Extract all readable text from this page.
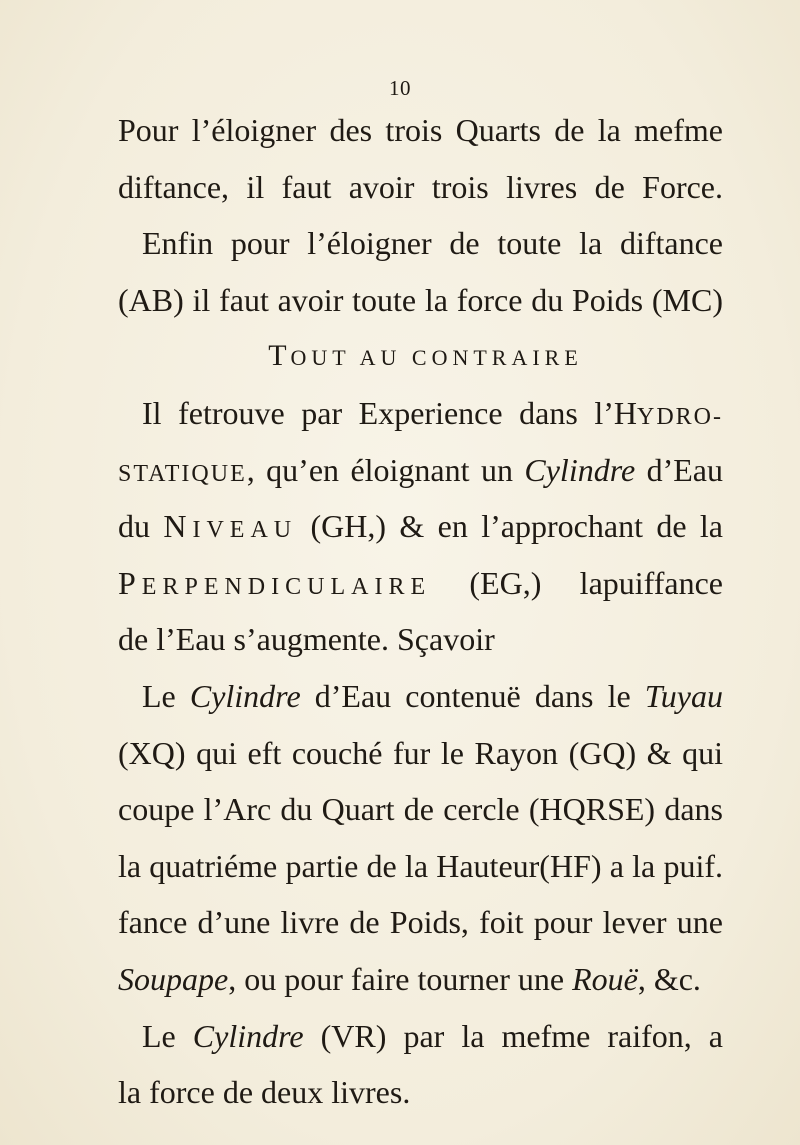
10
Pour l’éloigner des trois Quarts de la mefme
diftance, il faut avoir trois livres de Force.
Enfin pour l’éloigner de toute la diftance
(AB) il faut avoir toute la force du Poids (MC)
TOUT AU CONTRAIRE
Il fetrouve par Experience dans l’HYDRO-
STATIQUE, qu’en éloignant un Cylindre d’Eau
du NIVEAU (GH,) & en l’approchant de la
PERPENDICULAIRE (EG,) lapuiffance
de l’Eau s’augmente. Sçavoir
Le Cylindre d’Eau contenuë dans le Tuyau
(XQ) qui eft couché fur le Rayon (GQ) & qui
coupe l’Arc du Quart de cercle (HQRSE) dans
la quatriéme partie de la Hauteur(HF) a la puif.
fance d’une livre de Poids, foit pour lever une
Soupape, ou pour faire tourner une Rouë, &c.
Le Cylindre (VR) par la mefme raifon, a
la force de deux livres.
